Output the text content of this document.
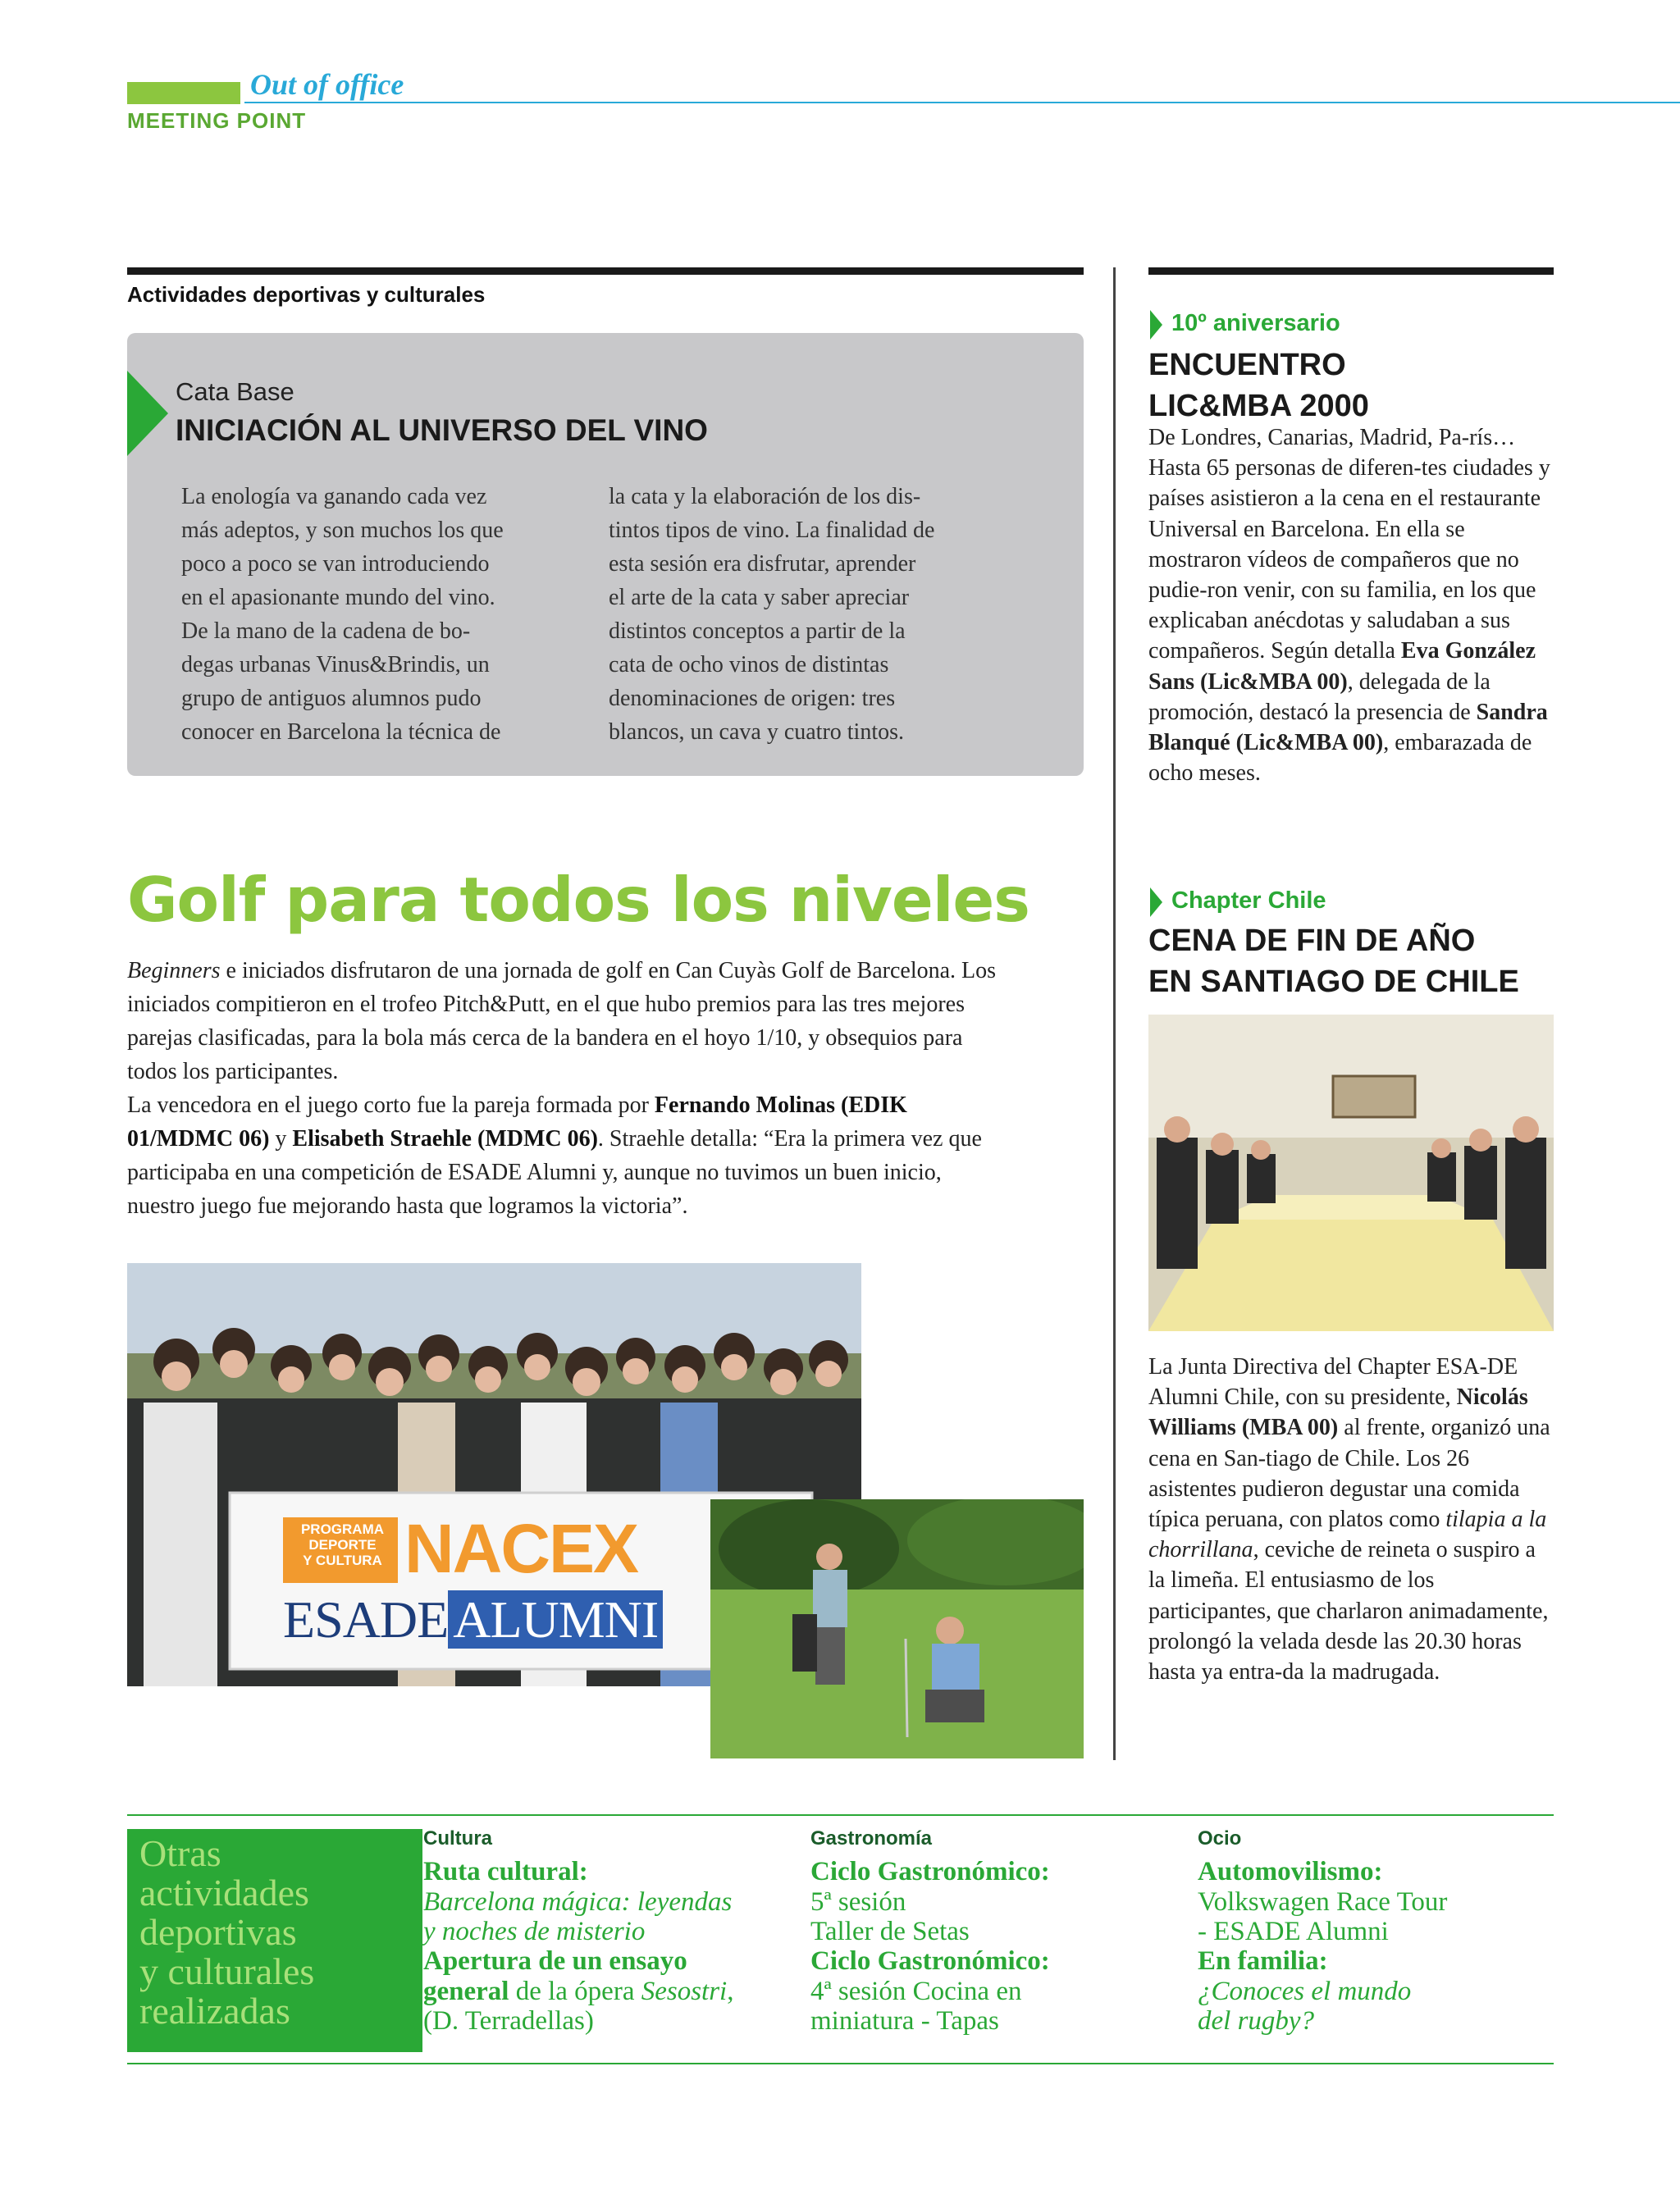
Out of office
MEETING POINT
Actividades deportivas y culturales
Cata Base
INICIACIÓN AL UNIVERSO DEL VINO
La enología va ganando cada vez
más adeptos, y son muchos los que
poco a poco se van introduciendo
en el apasionante mundo del vino.
De la mano de la cadena de bo-
degas urbanas Vinus&Brindis, un
grupo de antiguos alumnos pudo
conocer en Barcelona la técnica de
la cata y la elaboración de los dis-
tintos tipos de vino. La finalidad de
esta sesión era disfrutar, aprender
el arte de la cata y saber apreciar
distintos conceptos a partir de la
cata de ocho vinos de distintas
denominaciones de origen: tres
blancos, un cava y cuatro tintos.
Golf para todos los niveles
Beginners e iniciados disfrutaron de una jornada de golf en Can Cuyàs Golf de Barcelona. Los iniciados compitieron en el trofeo Pitch&Putt, en el que hubo premios para las tres mejores parejas clasificadas, para la bola más cerca de la bandera en el hoyo 1/10, y obsequios para todos los participantes.
La vencedora en el juego corto fue la pareja formada por Fernando Molinas (EDIK 01/MDMC 06) y Elisabeth Straehle (MDMC 06). Straehle detalla: “Era la primera vez que participaba en una competición de ESADE Alumni y, aunque no tuvimos un buen inicio, nuestro juego fue mejorando hasta que logramos la victoria”.
PROGRAMA
DEPORTE
Y CULTURA NACEX
ESADEALUMNI
10º aniversario
ENCUENTRO
LIC&MBA 2000
De Londres, Canarias, Madrid, Pa-rís… Hasta 65 personas de diferen-tes ciudades y países asistieron a la cena en el restaurante Universal en Barcelona. En ella se mostraron vídeos de compañeros que no pudie-ron venir, con su familia, en los que explicaban anécdotas y saludaban a sus compañeros. Según detalla Eva González Sans (Lic&MBA 00), delegada de la promoción, destacó la presencia de Sandra Blanqué (Lic&MBA 00), embarazada de ocho meses.
Chapter Chile
CENA DE FIN DE AÑO
EN SANTIAGO DE CHILE
La Junta Directiva del Chapter ESA-DE Alumni Chile, con su presidente, Nicolás Williams (MBA 00) al frente, organizó una cena en San-tiago de Chile. Los 26 asistentes pudieron degustar una comida típica peruana, con platos como tilapia a la chorrillana, ceviche de reineta o suspiro a la limeña. El entusiasmo de los participantes, que charlaron animadamente, prolongó la velada desde las 20.30 horas hasta ya entra-da la madrugada.
Otras
actividades
deportivas
y culturales
realizadas
Cultura
Ruta cultural:
Barcelona mágica: leyendas
y noches de misterio
Apertura de un ensayo
general de la ópera Sesostri,
(D. Terradellas)
Gastronomía
Ciclo Gastronómico:
5ª sesión
Taller de Setas
Ciclo Gastronómico:
4ª sesión Cocina en
miniatura - Tapas
Ocio
Automovilismo:
Volkswagen Race Tour
- ESADE Alumni
En familia:
¿Conoces el mundo
del rugby?
